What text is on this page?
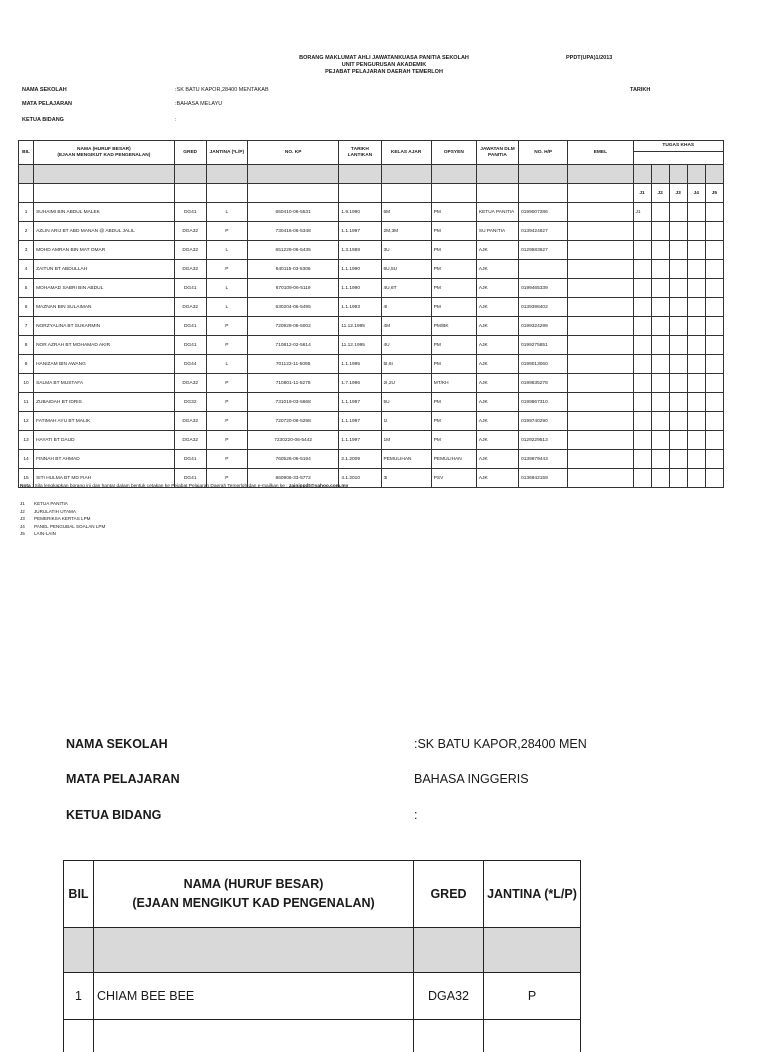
BORANG MAKLUMAT AHLI JAWATANKUASA PANITIA SEKOLAH
UNIT PENGURUSAN AKADEMIK
PEJABAT PELAJARAN DAERAH TEMERLOH
PPDT(UPA)1/2013
TARIKH
NAMA SEKOLAH	:SK BATU KAPOR,28400 MENTAKAB
MATA PELAJARAN	:BAHASA MELAYU
KETUA BIDANG	:
BIL	NAMA (HURUF BESAR)
(EJAAN MENGIKUT KAD PENGENALAN)	GRED	JANTINA (*L/P)	NO. KP	TARIKH
LANTIKAN	KELAS AJAR	OPSYEN	JAWATAN DLM
PANITIA	NO. H/P	EMEL	TUGAS KHAS				

											J1	J2	J3	J4	J5
1	SUHAIMI BIN ABDUL MALEK	DG41	L	650410-06-5531	1.9.1990	6M	PM	KETUA PANITIA	0199007286		J1				
2	AZLIN ARIJ BT ABD MANAN @ ABDUL JALIL	DGA32	P	730416-06-5348	1.1.1997	2M,3M	PM	SU PANITIA	0139424627						
3	MOHD AMRAN BIN MAT OMAR	DGA32	L	651229-06-5435	1.3.1988	3U	PM	AJK	0129583627						
4	ZAITUN BT ABDULLAH	DGA32	P	640115-03-5306	1.1.1990	6U,5U	PM	AJK							
5	MOHAMAD SABRI BIN ABDUL	DG41	L	670109-06-5119	1.1.1990	4U,6T	PM	AJK	0199465339						
6	MAZNAN BIN SULAIMAN	DGA32	L	630204-06-5495	1.1.1993	4I	PM	AJK	0139398402						
7	NORZYALINA BT SUKARMIN	DG41	P	720929-06-5002	11.12.1995	4M	PM/BK	AJK	0199324299						
8	NOR AZRAH BT MOHAMAD AKIR	DG41	P	710812-02-5614	11.12.1995	4U	PM	AJK	0199275851						
9	HANIZAM BIN AWANG	DG44	L	701122-11-5095	1.1.1995	5I,6I	PM	AJK	0199013060						
10	SALMA BT MUSTAFA	DGA32	P	710801-11-5278	1.7.1996	2I,2U	MT/KH	AJK	0199835278						
11	ZUBAIDAH BT IDRIS	DG32	P	731019-03-5668	1.1.1997	5U	PM	AJK	0199867310						
12	FATIMAH AYU BT MALIK	DGA32	P	720720-06-5298	1.1.1997	1I	PM	AJK	0199740290						
13	HAYATI BT DAUD	DGA32	P	7230220-06-5442	1.1.1997	1M	PM	AJK	0129229513						
14	FINNAH BT AHMAD	DG41	P	760526-06-5194	2.1.2009	PEMULIHAN	PEMULIHAN	AJK	0139879443						
15	SITI HULMA BT MD FIAH	DG41	P	860906-33-5772	4.1.2010	3I	PSV	AJK	0136942159						
Nota : Sila lengkapkan borang ini dan hantar dalam bentuk cetakan ke Pejabat Pelajaran Daerah Temerloh dan e-mailkan ke : zainippdt@yahoo.com.my
J1 KETUA PANITIA
J2 JURULATIH UTAMA
J3 PEMERIKSA KERTAS LPM
J4 PANEL PENGUBAL SOALAN LPM
J5 LAIN-LAIN
NAMA SEKOLAH	:SK BATU KAPOR,28400 MEN
MATA PELAJARAN	BAHASA INGGERIS
KETUA BIDANG	:
BIL	NAMA (HURUF BESAR)
(EJAAN MENGIKUT KAD PENGENALAN)	GRED	JANTINA (*L/P)

1	CHIAM BEE BEE	DGA32	P
